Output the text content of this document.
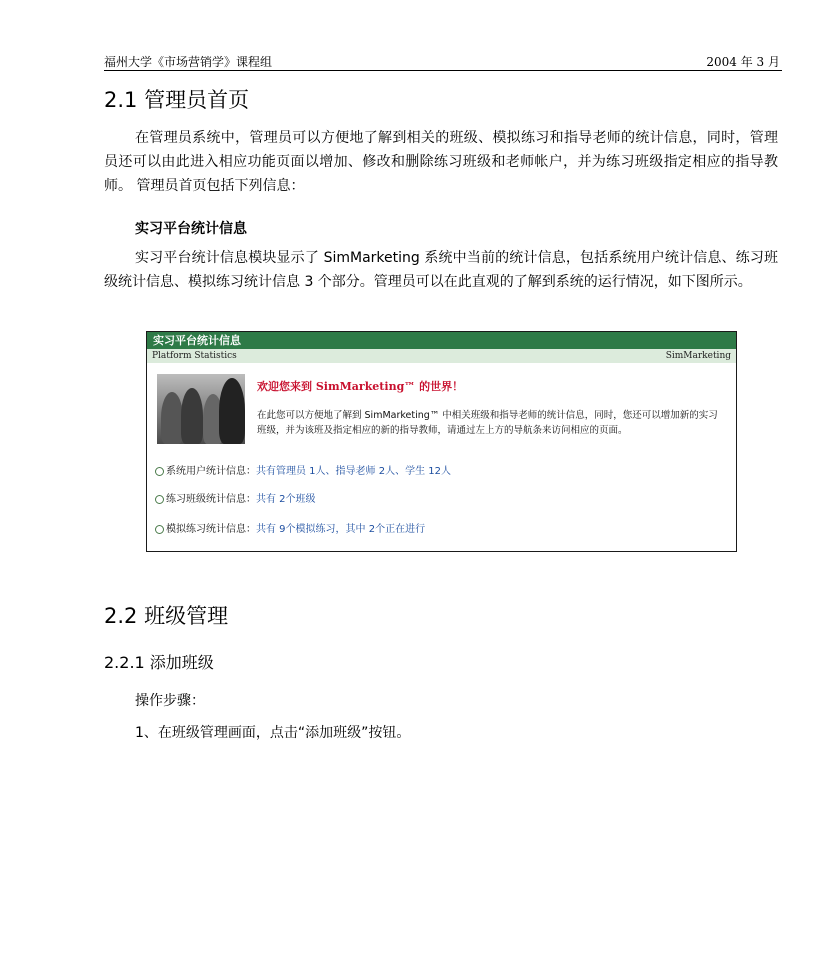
福州大学《市场营销学》课程组	2004 年 3 月
2.1 管理员首页

在管理员系统中，管理员可以方便地了解到相关的班级、模拟练习和指导老师的统计信息，同时，管理员还可以由此进入相应功能页面以增加、修改和删除练习班级和老师帐户，并为练习班级指定相应的指导教师。 管理员首页包括下列信息：

实习平台统计信息

实习平台统计信息模块显示了 SimMarketing 系统中当前的统计信息，包括系统用户统计信息、练习班级统计信息、模拟练习统计信息 3 个部分。管理员可以在此直观的了解到系统的运行情况，如下图所示。

实习平台统计信息
Platform Statistics	SimMarketing
欢迎您来到 SimMarketing™ 的世界！
在此您可以方便地了解到 SimMarketing™ 中相关班级和指导老师的统计信息，同时，您还可以增加新的实习班级，并为该班及指定相应的新的指导教师，请通过左上方的导航条来访问相应的页面。
系统用户统计信息：共有管理员 1人、指导老师 2人、学生 12人
练习班级统计信息：共有 2个班级
模拟练习统计信息：共有 9个模拟练习，其中 2个正在进行
2.2 班级管理
2.2.1 添加班级

操作步骤：

1、在班级管理画面，点击“添加班级”按钮。
